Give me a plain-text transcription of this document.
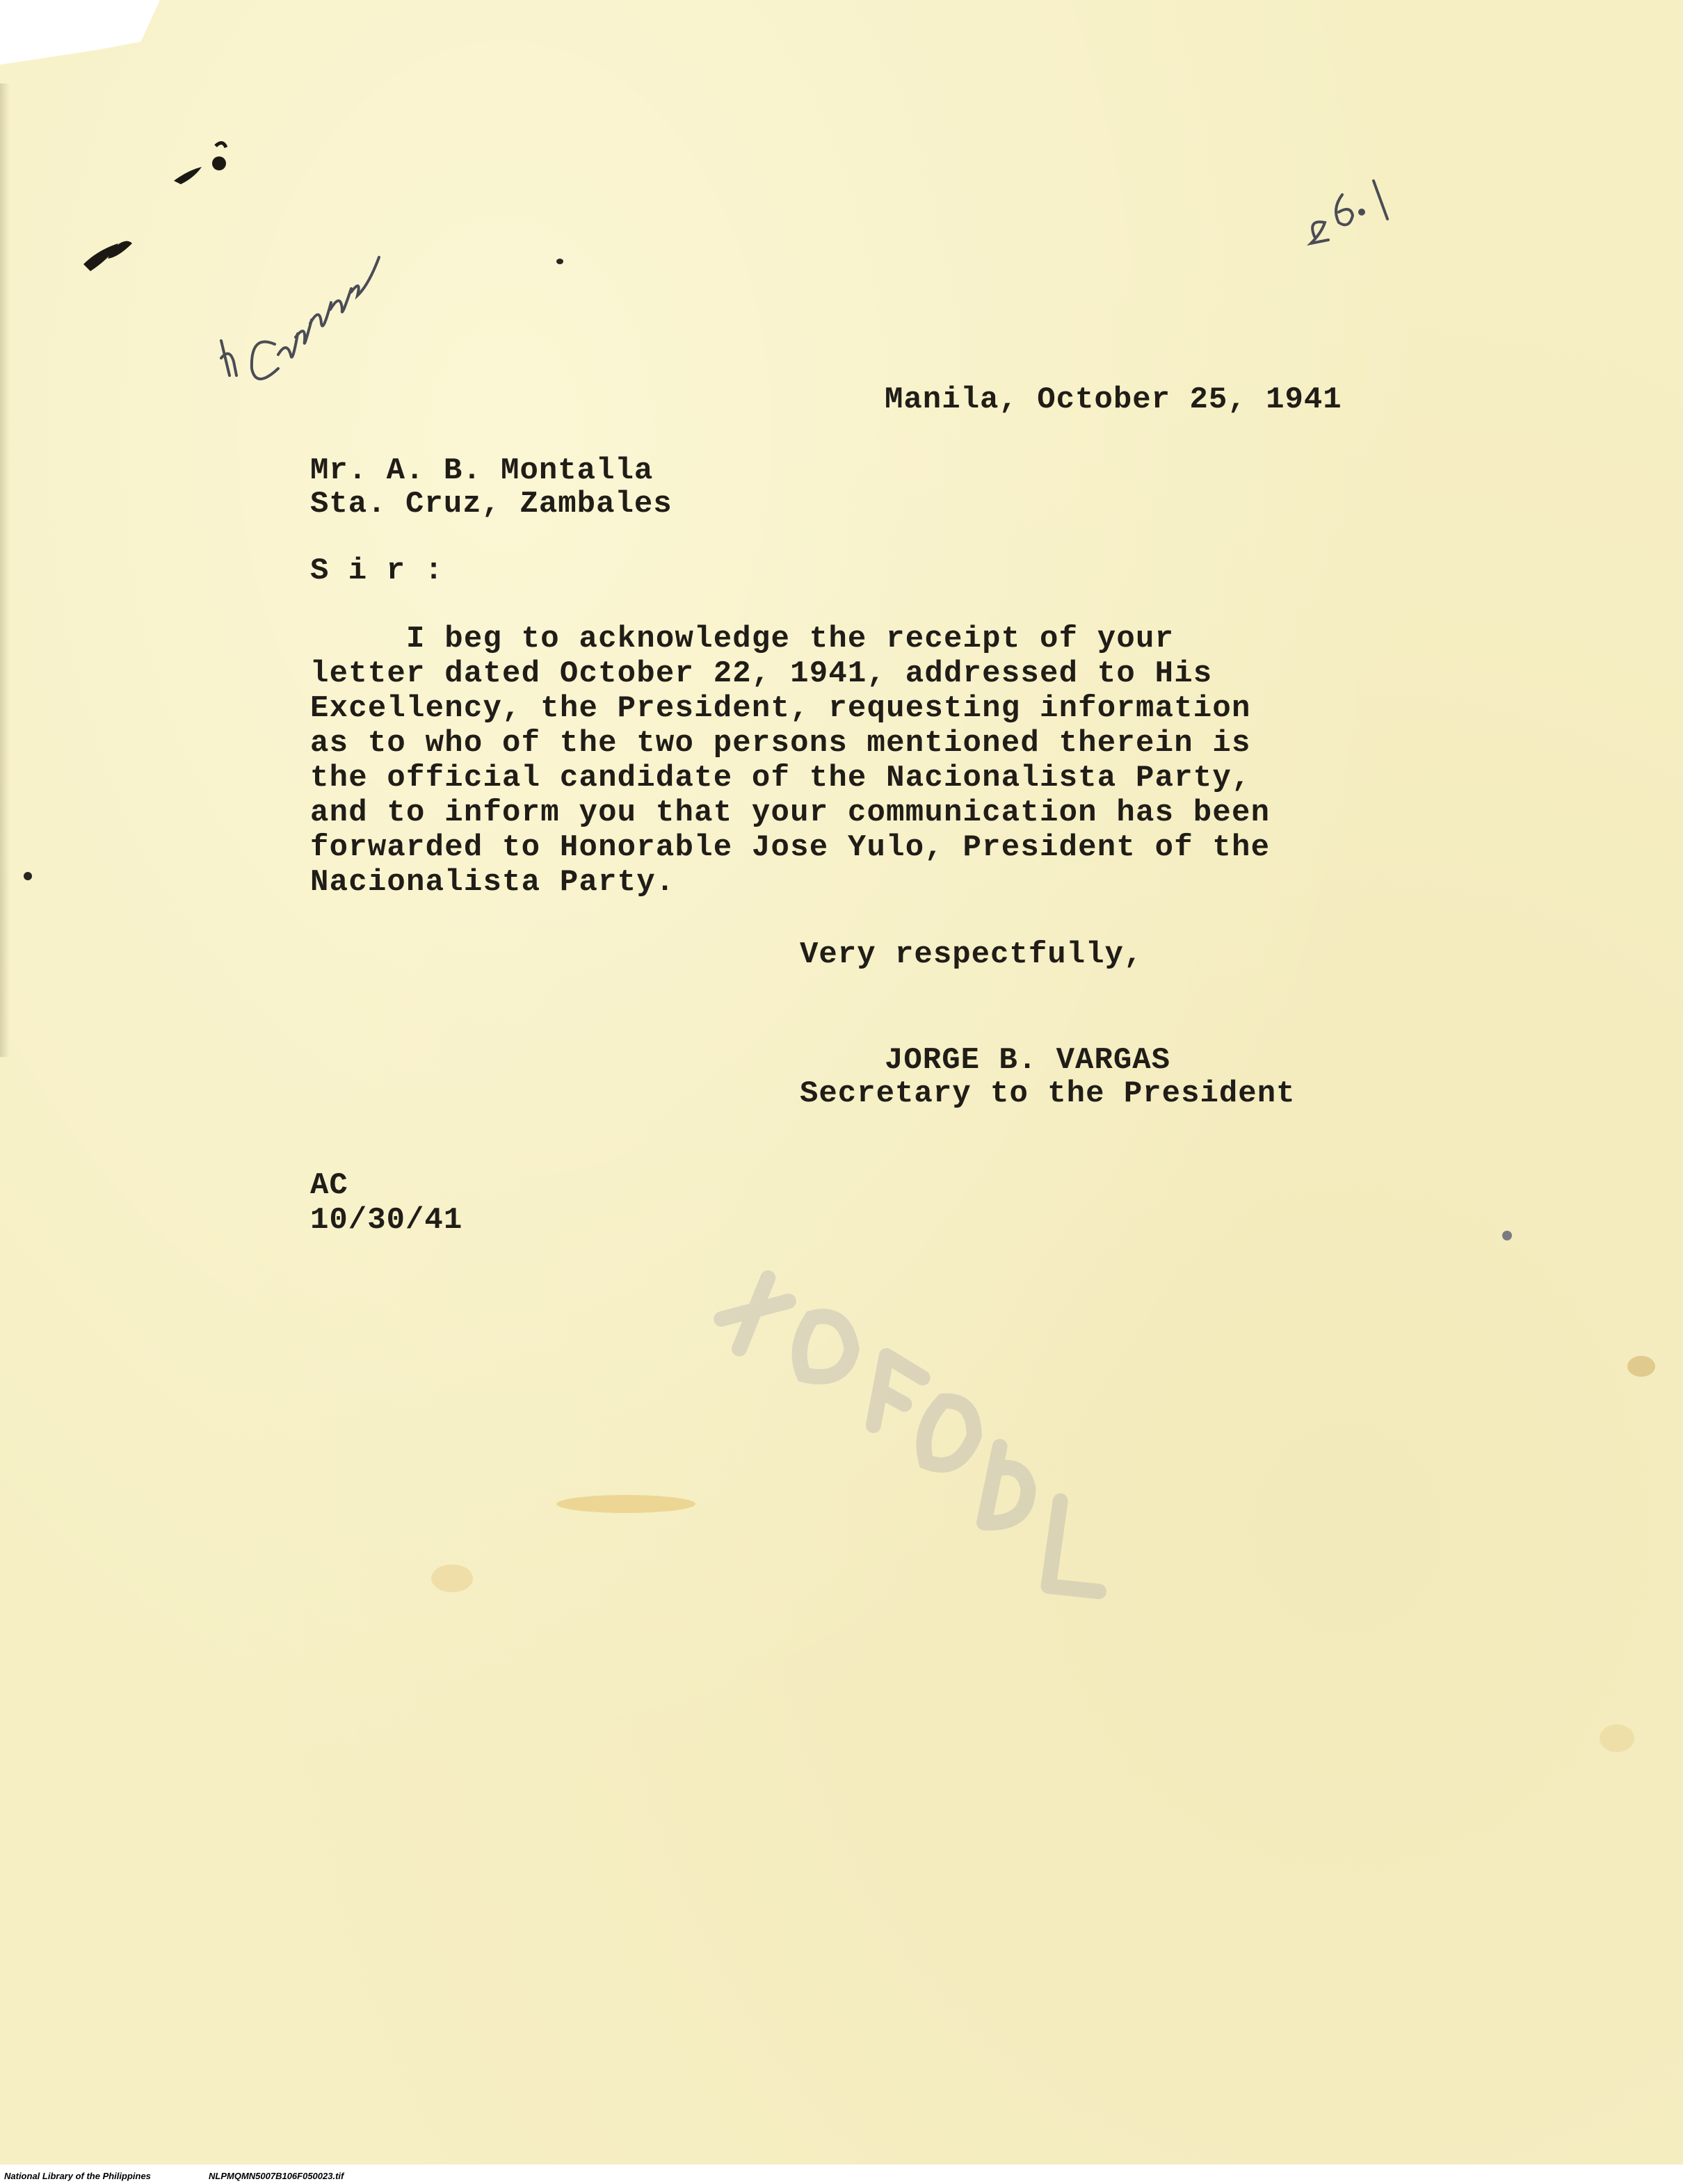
Manila, October 25, 1941
Mr. A. B. Montalla
Sta. Cruz, Zambales
S i r :
I beg to acknowledge the receipt of your
letter dated October 22, 1941, addressed to His
Excellency, the President, requesting information
as to who of the two persons mentioned therein is
the official candidate of the Nacionalista Party,
and to inform you that your communication has been
forwarded to Honorable Jose Yulo, President of the
Nacionalista Party.
Very respectfully,
JORGE B. VARGAS
Secretary to the President
AC
10/30/41
National Library of the Philippines	NLPMQMN5007B106F050023.tif
